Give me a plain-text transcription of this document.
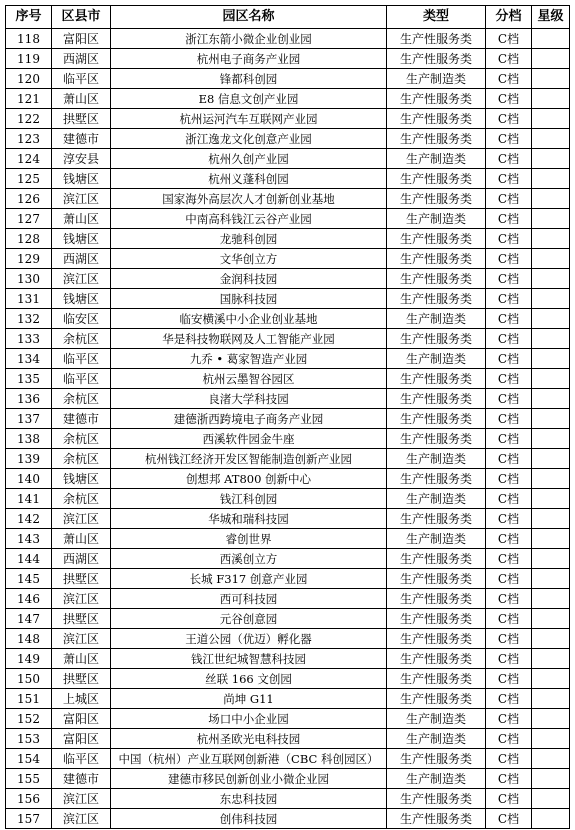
序号	区县市	园区名称	类型	分档	星级
118	富阳区	浙江东箭小微企业创业园	生产性服务类	C档	
119	西湖区	杭州电子商务产业园	生产性服务类	C档	
120	临平区	锋都科创园	生产制造类	C档	
121	萧山区	E8 信息文创产业园	生产性服务类	C档	
122	拱墅区	杭州运河汽车互联网产业园	生产性服务类	C档	
123	建德市	浙江逸龙文化创意产业园	生产性服务类	C档	
124	淳安县	杭州久创产业园	生产制造类	C档	
125	钱塘区	杭州义蓬科创园	生产性服务类	C档	
126	滨江区	国家海外高层次人才创新创业基地	生产性服务类	C档	
127	萧山区	中南高科钱江云谷产业园	生产制造类	C档	
128	钱塘区	龙驰科创园	生产性服务类	C档	
129	西湖区	文华创立方	生产性服务类	C档	
130	滨江区	金润科技园	生产性服务类	C档	
131	钱塘区	国脉科技园	生产性服务类	C档	
132	临安区	临安横溪中小企业创业基地	生产制造类	C档	
133	余杭区	华是科技物联网及人工智能产业园	生产性服务类	C档	
134	临平区	九乔 • 葛家智造产业园	生产制造类	C档	
135	临平区	杭州云墨智谷园区	生产性服务类	C档	
136	余杭区	良渚大学科技园	生产性服务类	C档	
137	建德市	建德浙西跨境电子商务产业园	生产性服务类	C档	
138	余杭区	西溪软件园金牛座	生产性服务类	C档	
139	余杭区	杭州钱江经济开发区智能制造创新产业园	生产制造类	C档	
140	钱塘区	创想邦 AT800 创新中心	生产性服务类	C档	
141	余杭区	钱江科创园	生产制造类	C档	
142	滨江区	华城和瑞科技园	生产性服务类	C档	
143	萧山区	睿创世界	生产制造类	C档	
144	西湖区	西溪创立方	生产性服务类	C档	
145	拱墅区	长城 F317 创意产业园	生产性服务类	C档	
146	滨江区	西可科技园	生产性服务类	C档	
147	拱墅区	元谷创意园	生产性服务类	C档	
148	滨江区	王道公园（优迈）孵化器	生产性服务类	C档	
149	萧山区	钱江世纪城智慧科技园	生产性服务类	C档	
150	拱墅区	丝联 166 文创园	生产性服务类	C档	
151	上城区	尚坤 G11	生产性服务类	C档	
152	富阳区	场口中小企业园	生产制造类	C档	
153	富阳区	杭州圣欧光电科技园	生产制造类	C档	
154	临平区	中国（杭州）产业互联网创新港（CBC 科创园区）	生产性服务类	C档	
155	建德市	建德市移民创新创业小微企业园	生产制造类	C档	
156	滨江区	东忠科技园	生产性服务类	C档	
157	滨江区	创伟科技园	生产性服务类	C档	
